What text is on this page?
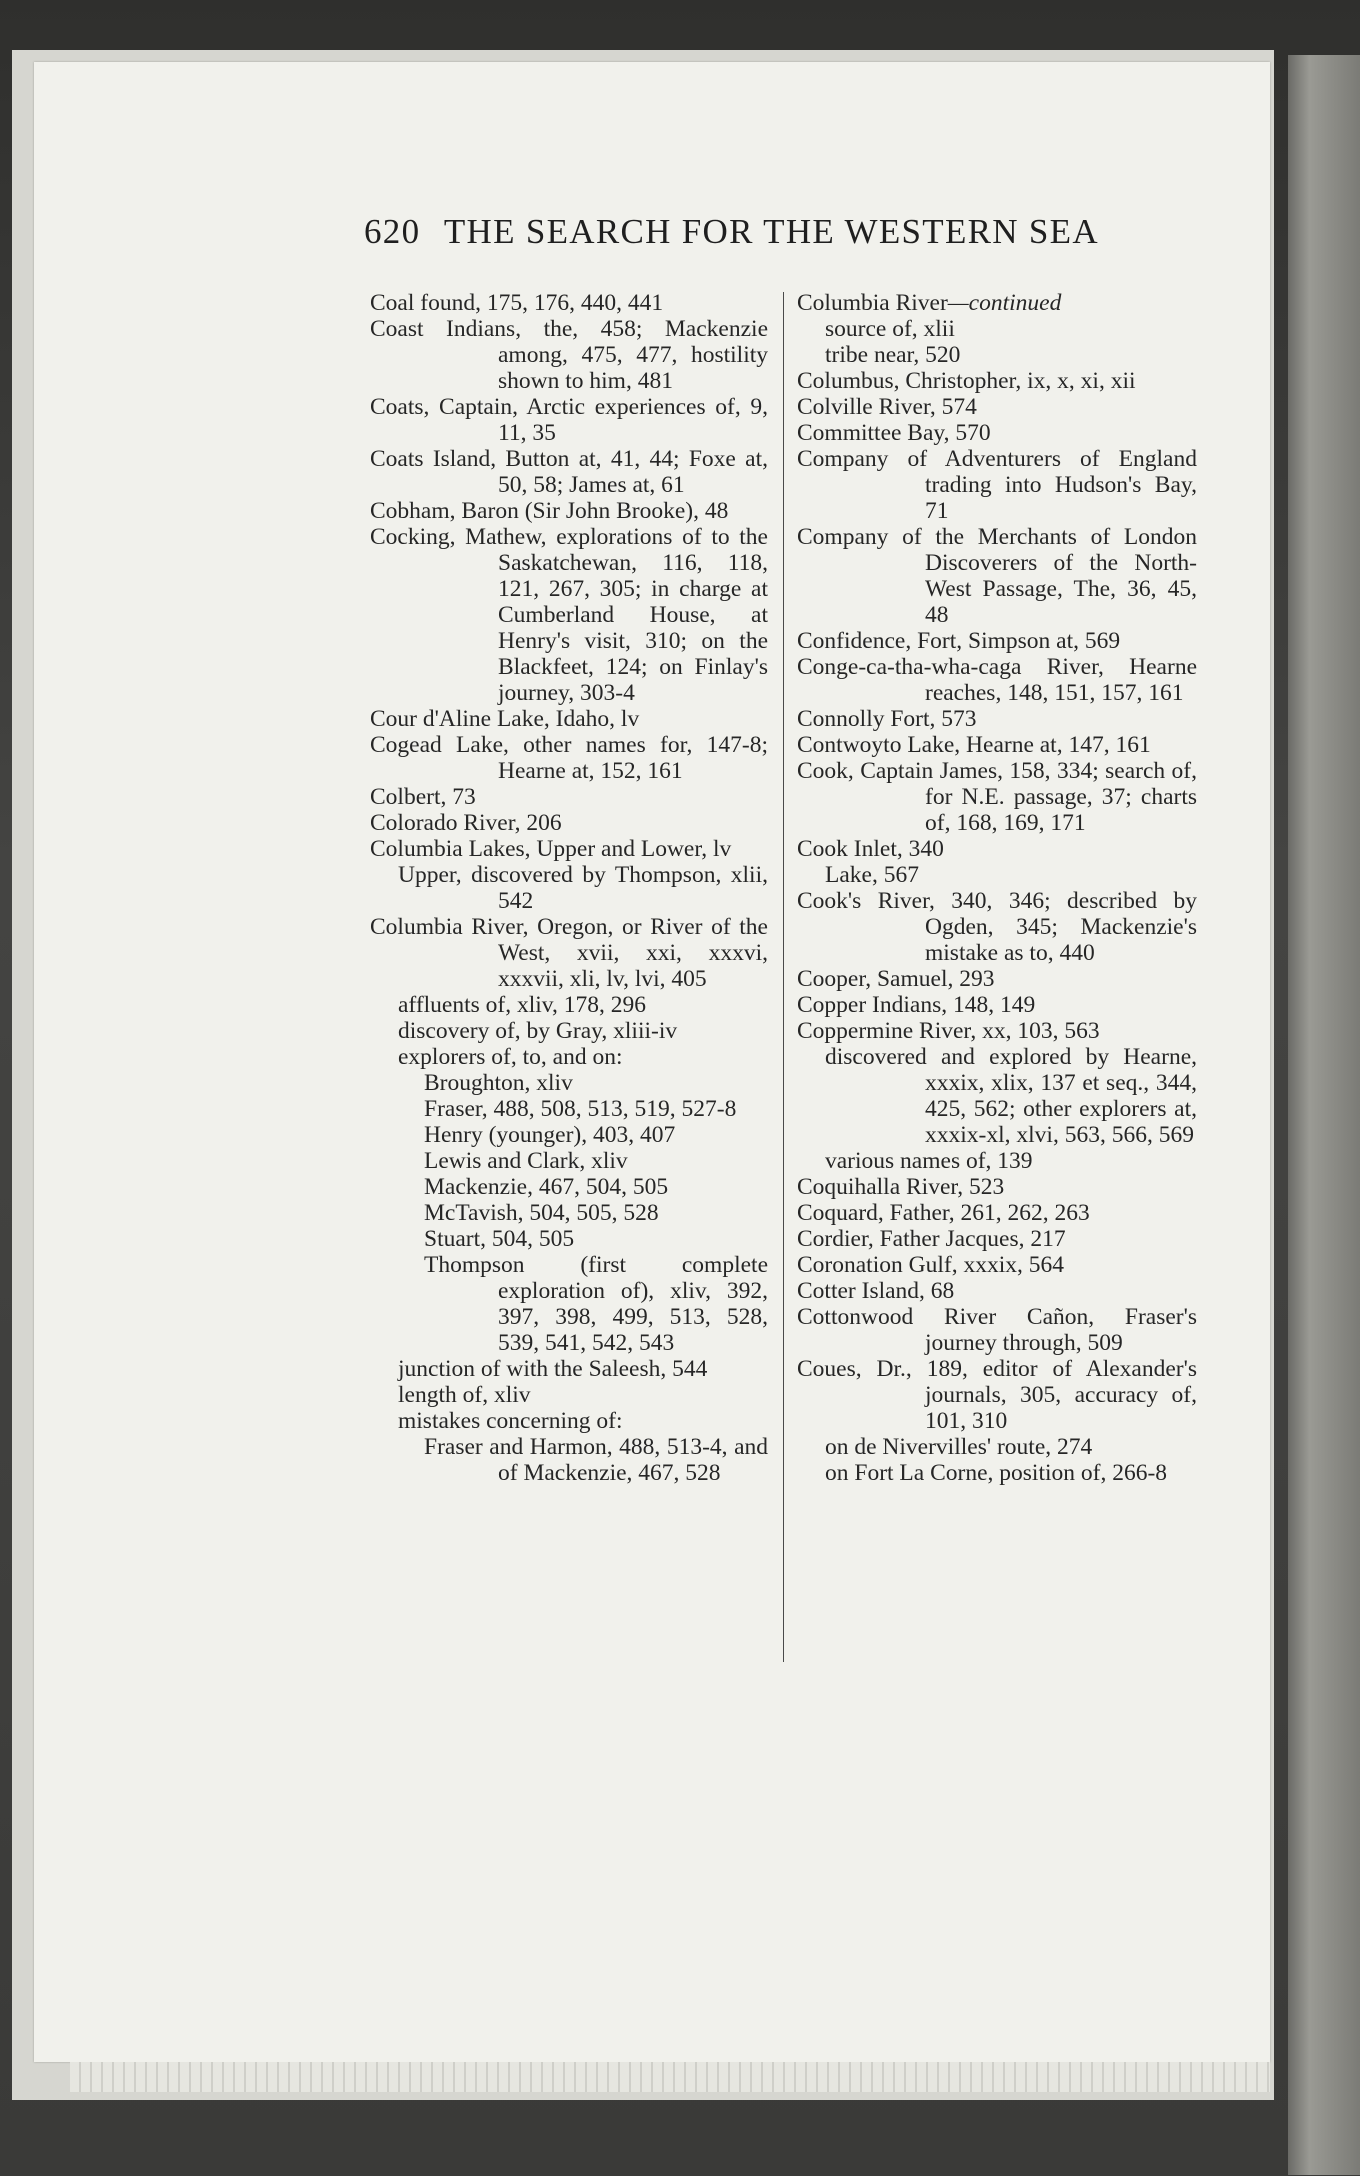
620 THE SEARCH FOR THE WESTERN SEA
Coal found, 175, 176, 440, 441
Coast Indians, the, 458; Mackenzie among, 475, 477, hostility shown to him, 481
Coats, Captain, Arctic experiences of, 9, 11, 35
Coats Island, Button at, 41, 44; Foxe at, 50, 58; James at, 61
Cobham, Baron (Sir John Brooke), 48
Cocking, Mathew, explorations of to the Saskatchewan, 116, 118, 121, 267, 305; in charge at Cumberland House, at Henry's visit, 310; on the Blackfeet, 124; on Finlay's journey, 303-4
Cour d'Aline Lake, Idaho, lv
Cogead Lake, other names for, 147-8; Hearne at, 152, 161
Colbert, 73
Colorado River, 206
Columbia Lakes, Upper and Lower, lv
Upper, discovered by Thompson, xlii, 542
Columbia River, Oregon, or River of the West, xvii, xxi, xxxvi, xxxvii, xli, lv, lvi, 405
affluents of, xliv, 178, 296
discovery of, by Gray, xliii-iv
explorers of, to, and on:
Broughton, xliv
Fraser, 488, 508, 513, 519, 527-8
Henry (younger), 403, 407
Lewis and Clark, xliv
Mackenzie, 467, 504, 505
McTavish, 504, 505, 528
Stuart, 504, 505
Thompson (first complete exploration of), xliv, 392, 397, 398, 499, 513, 528, 539, 541, 542, 543
junction of with the Saleesh, 544
length of, xliv
mistakes concerning of:
Fraser and Harmon, 488, 513-4, and of Mackenzie, 467, 528
Columbia River—continued
source of, xlii
tribe near, 520
Columbus, Christopher, ix, x, xi, xii
Colville River, 574
Committee Bay, 570
Company of Adventurers of England trading into Hudson's Bay, 71
Company of the Merchants of London Discoverers of the North-West Passage, The, 36, 45, 48
Confidence, Fort, Simpson at, 569
Conge-ca-tha-wha-caga River, Hearne reaches, 148, 151, 157, 161
Connolly Fort, 573
Contwoyto Lake, Hearne at, 147, 161
Cook, Captain James, 158, 334; search of, for N.E. passage, 37; charts of, 168, 169, 171
Cook Inlet, 340
Lake, 567
Cook's River, 340, 346; described by Ogden, 345; Mackenzie's mistake as to, 440
Cooper, Samuel, 293
Copper Indians, 148, 149
Coppermine River, xx, 103, 563
discovered and explored by Hearne, xxxix, xlix, 137 et seq., 344, 425, 562; other explorers at, xxxix-xl, xlvi, 563, 566, 569
various names of, 139
Coquihalla River, 523
Coquard, Father, 261, 262, 263
Cordier, Father Jacques, 217
Coronation Gulf, xxxix, 564
Cotter Island, 68
Cottonwood River Cañon, Fraser's journey through, 509
Coues, Dr., 189, editor of Alexander's journals, 305, accuracy of, 101, 310
on de Nivervilles' route, 274
on Fort La Corne, position of, 266-8
